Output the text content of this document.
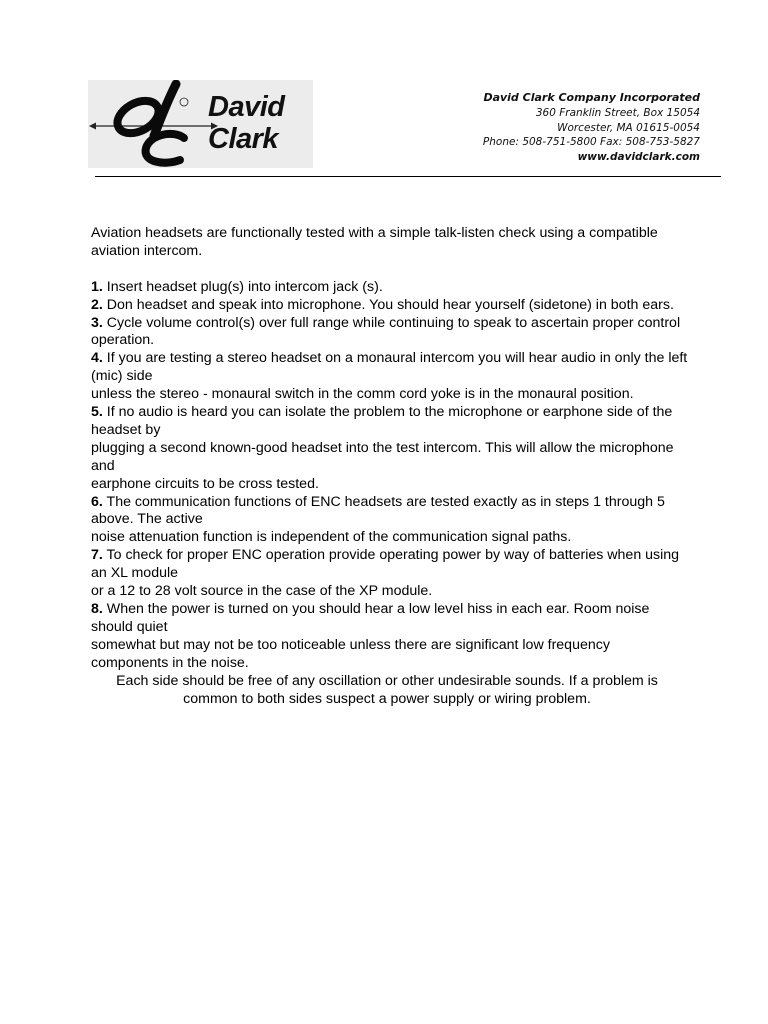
David
Clark
David Clark Company Incorporated
360 Franklin Street, Box 15054
Worcester, MA 01615-0054
Phone: 508-751-5800 Fax: 508-753-5827
www.davidclark.com

Aviation headsets are functionally tested with a simple talk-listen check using a compatible aviation intercom.

1. Insert headset plug(s) into intercom jack (s).

2. Don headset and speak into microphone. You should hear yourself (sidetone) in both ears.

3. Cycle volume control(s) over full range while continuing to speak to ascertain proper control operation.

4. If you are testing a stereo headset on a monaural intercom you will hear audio in only the left (mic) side

unless the stereo - monaural switch in the comm cord yoke is in the monaural position.

5. If no audio is heard you can isolate the problem to the microphone or earphone side of the headset by

plugging a second known-good headset into the test intercom. This will allow the microphone and

earphone circuits to be cross tested.

6. The communication functions of ENC headsets are tested exactly as in steps 1 through 5 above. The active

noise attenuation function is independent of the communication signal paths.

7. To check for proper ENC operation provide operating power by way of batteries when using an XL module

or a 12 to 28 volt source in the case of the XP module.

8. When the power is turned on you should hear a low level hiss in each ear. Room noise should quiet

somewhat but may not be too noticeable unless there are significant low frequency components in the noise.

Each side should be free of any oscillation or other undesirable sounds. If a problem is

common to both sides suspect a power supply or wiring problem.
